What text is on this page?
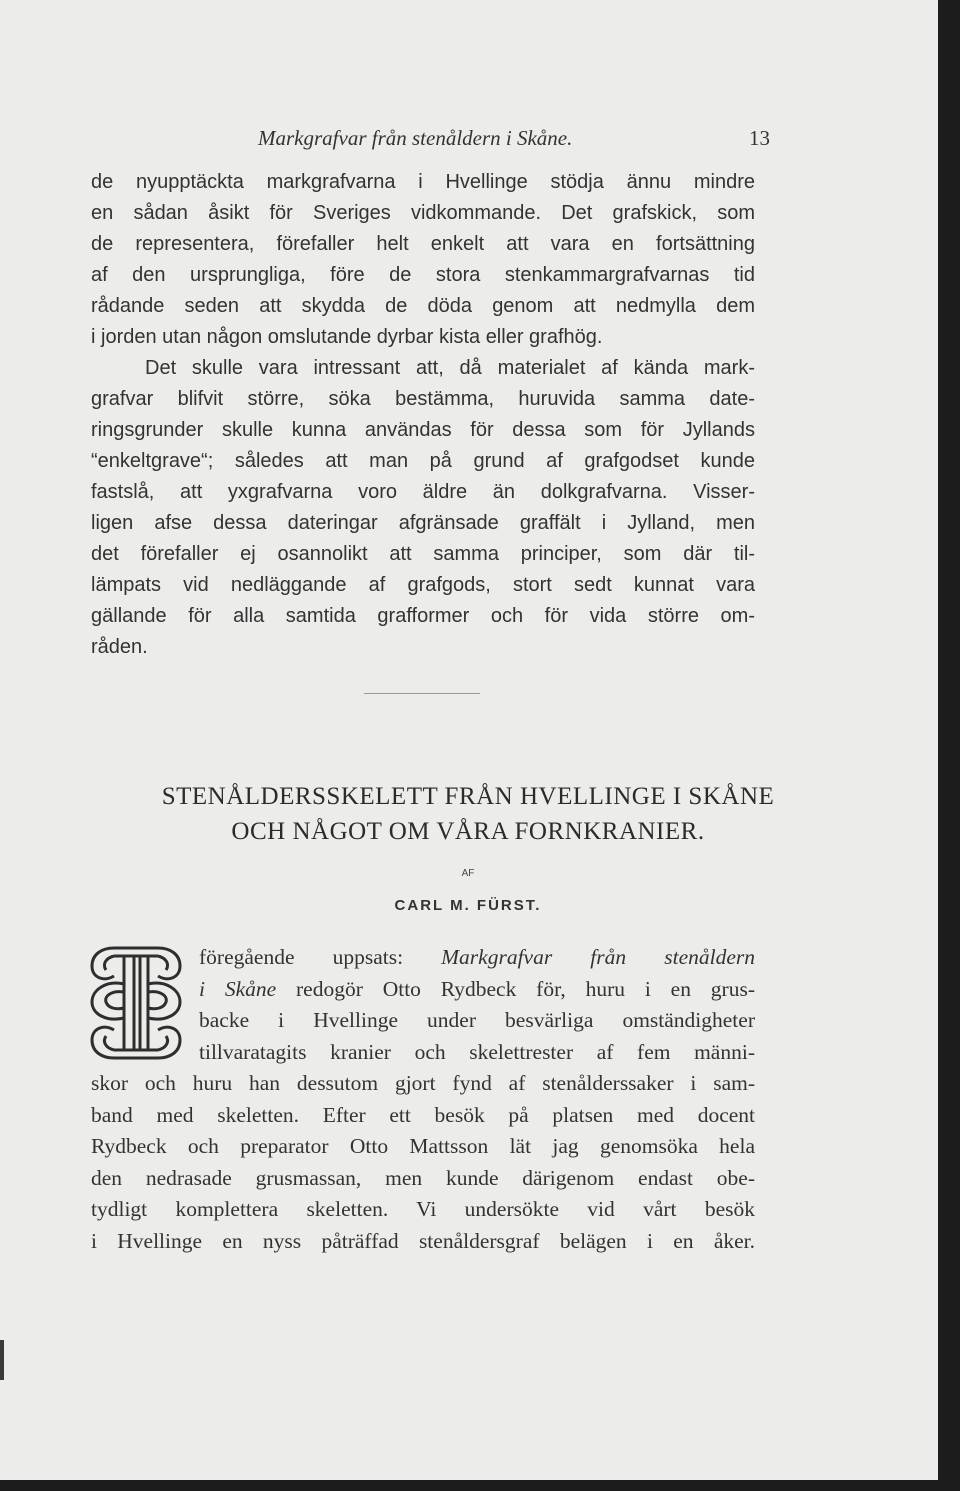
Markgrafvar från stenåldern i Skåne.	13
de nyupptäckta markgrafvarna i Hvellinge stödja ännu mindre
en sådan åsikt för Sveriges vidkommande. Det grafskick, som
de representera, förefaller helt enkelt att vara en fortsättning
af den ursprungliga, före de stora stenkammargrafvarnas tid
rådande seden att skydda de döda genom att nedmylla dem
i jorden utan någon omslutande dyrbar kista eller grafhög.
Det skulle vara intressant att, då materialet af kända mark-
grafvar blifvit större, söka bestämma, huruvida samma date-
ringsgrunder skulle kunna användas för dessa som för Jyllands
“enkeltgrave“; således att man på grund af grafgodset kunde
fastslå, att yxgrafvarna voro äldre än dolkgrafvarna. Visser-
ligen afse dessa dateringar afgränsade graffält i Jylland, men
det förefaller ej osannolikt att samma principer, som där til-
lämpats vid nedläggande af grafgods, stort sedt kunnat vara
gällande för alla samtida grafformer och för vida större om-
råden.
STENÅLDERSSKELETT FRÅN HVELLINGE I SKÅNE
OCH NÅGOT OM VÅRA FORNKRANIER.
AF
CARL M. FÜRST.
föregående uppsats: Markgrafvar från stenåldern
i Skåne redogör Otto Rydbeck för, huru i en grus-
backe i Hvellinge under besvärliga omständigheter
tillvaratagits kranier och skelettrester af fem männi-
skor och huru han dessutom gjort fynd af stenålderssaker i sam-
band med skeletten. Efter ett besök på platsen med docent
Rydbeck och preparator Otto Mattsson lät jag genomsöka hela
den nedrasade grusmassan, men kunde därigenom endast obe-
tydligt komplettera skeletten. Vi undersökte vid vårt besök
i Hvellinge en nyss påträffad stenåldersgraf belägen i en åker.
